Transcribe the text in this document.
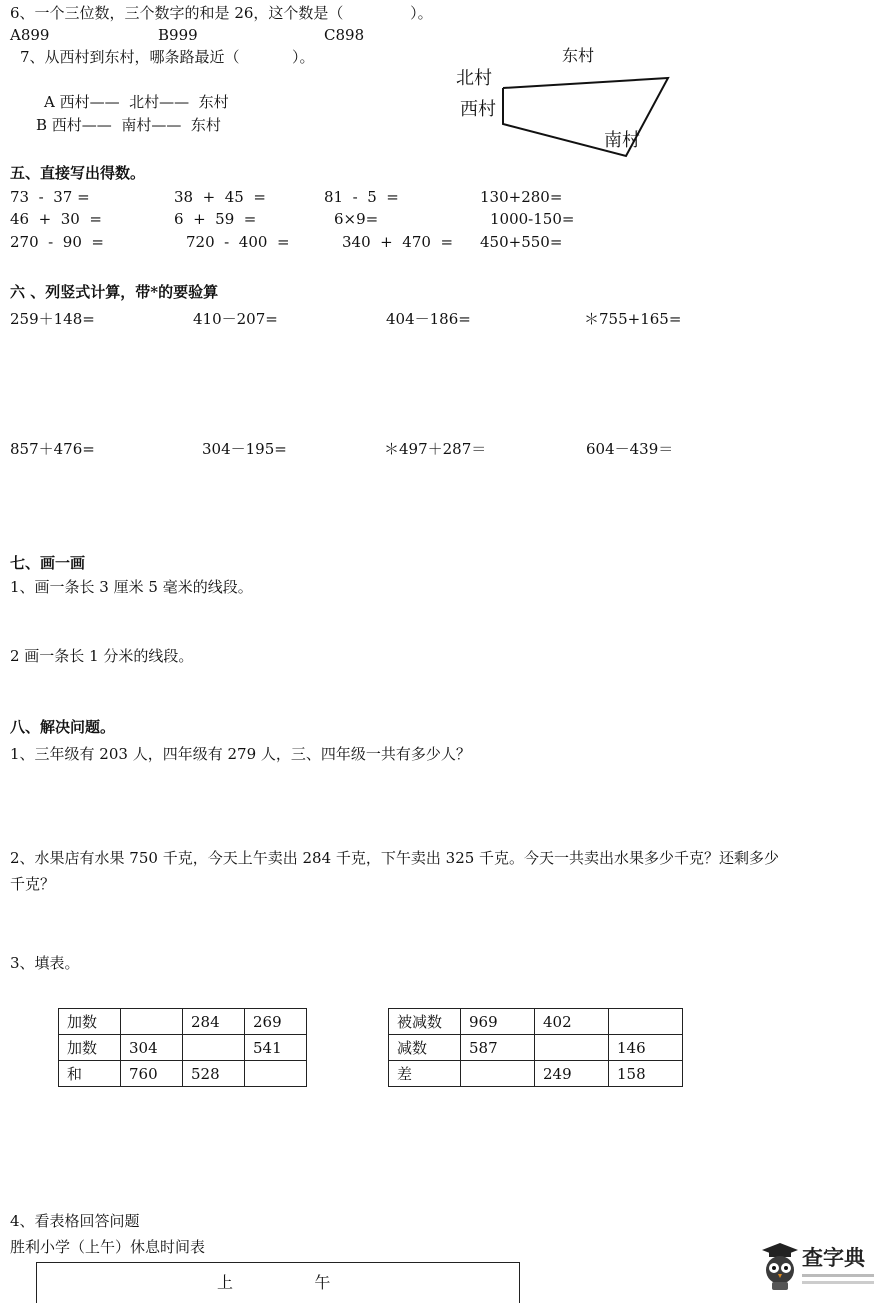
6、一个三位数，三个数字的和是 26，这个数是（              ）。
A899	B999	C898
7、从西村到东村，哪条路最近（           ）。
A 西村——  北村——  东村
B 西村——  南村——  东村
东村
北村
西村
南村
五、直接写出得数。
73  -  37 =	38  +  45  =	81  -  5  =	130+280=
46  +  30  =	6  +  59  =	6×9=	1000-150=
270  -  90  =	720  -  400  =	340  +  470  = 450+550=
六 、列竖式计算，带*的要验算
259＋148=	410－207=	404－186=	＊755+165=
857＋476=	304－195=	＊497＋287＝	604－439＝
七、画一画
1、画一条长 3 厘米 5 毫米的线段。
2 画一条长 1 分米的线段。
八、解决问题。
1、三年级有 203 人，四年级有 279 人，三、四年级一共有多少人？
2、水果店有水果 750 千克，今天上午卖出 284 千克，下午卖出 325 千克。今天一共卖出水果多少千克？还剩多少
千克？
3、填表。
加数		284	269
加数	304		541
和	760	528	
被减数	969	402	
减数	587		146
差		249	158
4、看表格回答问题
胜利小学（上午）休息时间表
上                午
查字典
